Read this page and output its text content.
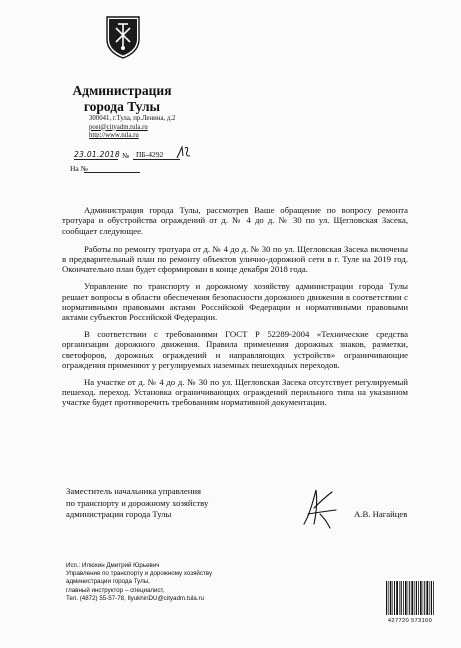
Администрация
города Тулы
300041, г.Тула, пр.Ленина, д.2
post@cityadm.tula.ru
http://www.tula.ru
23.01.2018 № ПБ-4292
На №

Администрация города Тулы, рассмотрев Ваше обращение по вопросу ремонта тротуара и обустройства ограждений от д. № 4 до д. № 30 по ул. Щегловская Засека, сообщает следующее.

Работы по ремонту тротуара от д. № 4 до д. № 30 по ул. Щегловская Засека включены в предварительный план по ремонту объектов улично-дорожной сети в г. Туле на 2019 год. Окончательно план будет сформирован в конце декабря 2018 года.

Управление по транспорту и дорожному хозяйству администрации города Тулы решает вопросы в области обеспечения безопасности дорожного движения в соответствии с нормативными правовыми актами Российской Федерации и нормативными правовыми актами субъектов Российской Федерации.

В соответствии с требованиями ГОСТ Р 52289-2004 «Технические средства организации дорожного движения. Правила применения дорожных знаков, разметки, светофоров, дорожных ограждений и направляющих устройств» ограничивающие ограждения применяют у регулируемых наземных пешеходных переходов.

На участке от д. № 4 до д. № 30 по ул. Щегловская Засека отсутствует регулируемый пешеход. переход. Установка ограничивающих ограждений перильного типа на указанном участке будет противоречить требованиям нормативной документации.

Заместитель начальника управления
по транспорту и дорожному хозяйству
администрации города Тулы	А.В. Нагайцев
Исп.: Илюхин Дмитрий Юрьевич
Управление по транспорту и дорожному хозяйству
администрации города Тулы,
главный инструктор – специалист,
Тел. (4872) 55-57-78, IlyukhinDU@cityadm.tula.ru
427720 573160
